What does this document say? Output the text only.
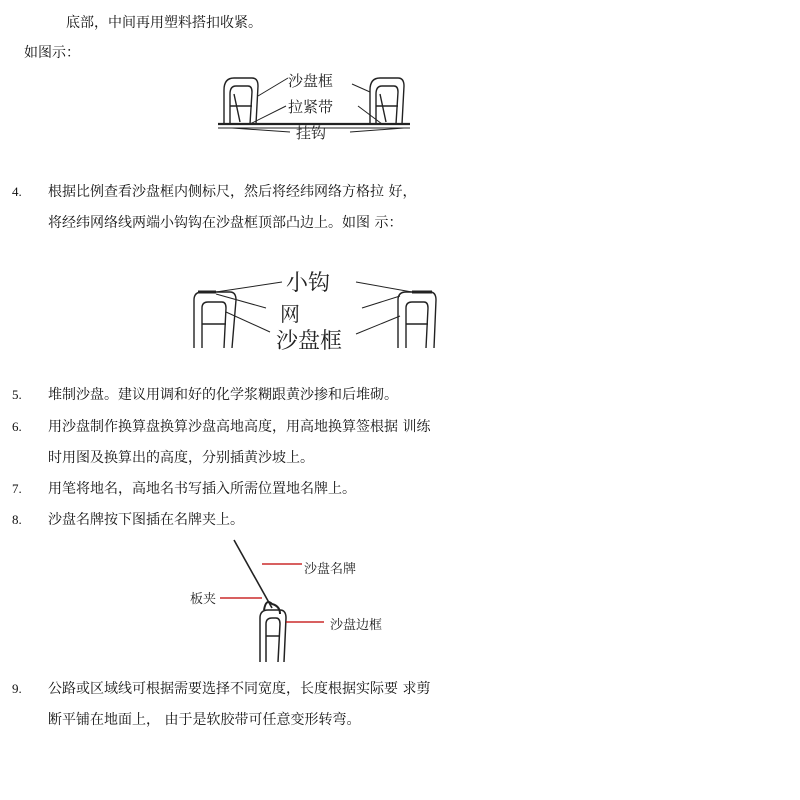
底部，中间再用塑料搭扣收紧。
如图示：
沙盘框
拉紧带
挂钩
4. 根据比例查看沙盘框内侧标尺，然后将经纬网络方格拉 好，
将经纬网络线两端小钩钩在沙盘框顶部凸边上。如图 示：
小钩
网
沙盘框
5. 堆制沙盘。建议用调和好的化学浆糊跟黄沙掺和后堆砌。
6. 用沙盘制作换算盘换算沙盘高地高度，用高地换算签根据 训练
时用图及换算出的高度，分别插黄沙坡上。
7. 用笔将地名，高地名书写插入所需位置地名牌上。
8. 沙盘名牌按下图插在名牌夹上。
沙盘名牌
板夹
沙盘边框
9. 公路或区域线可根据需要选择不同宽度，长度根据实际要 求剪
断平铺在地面上， 由于是软胶带可任意变形转弯。
